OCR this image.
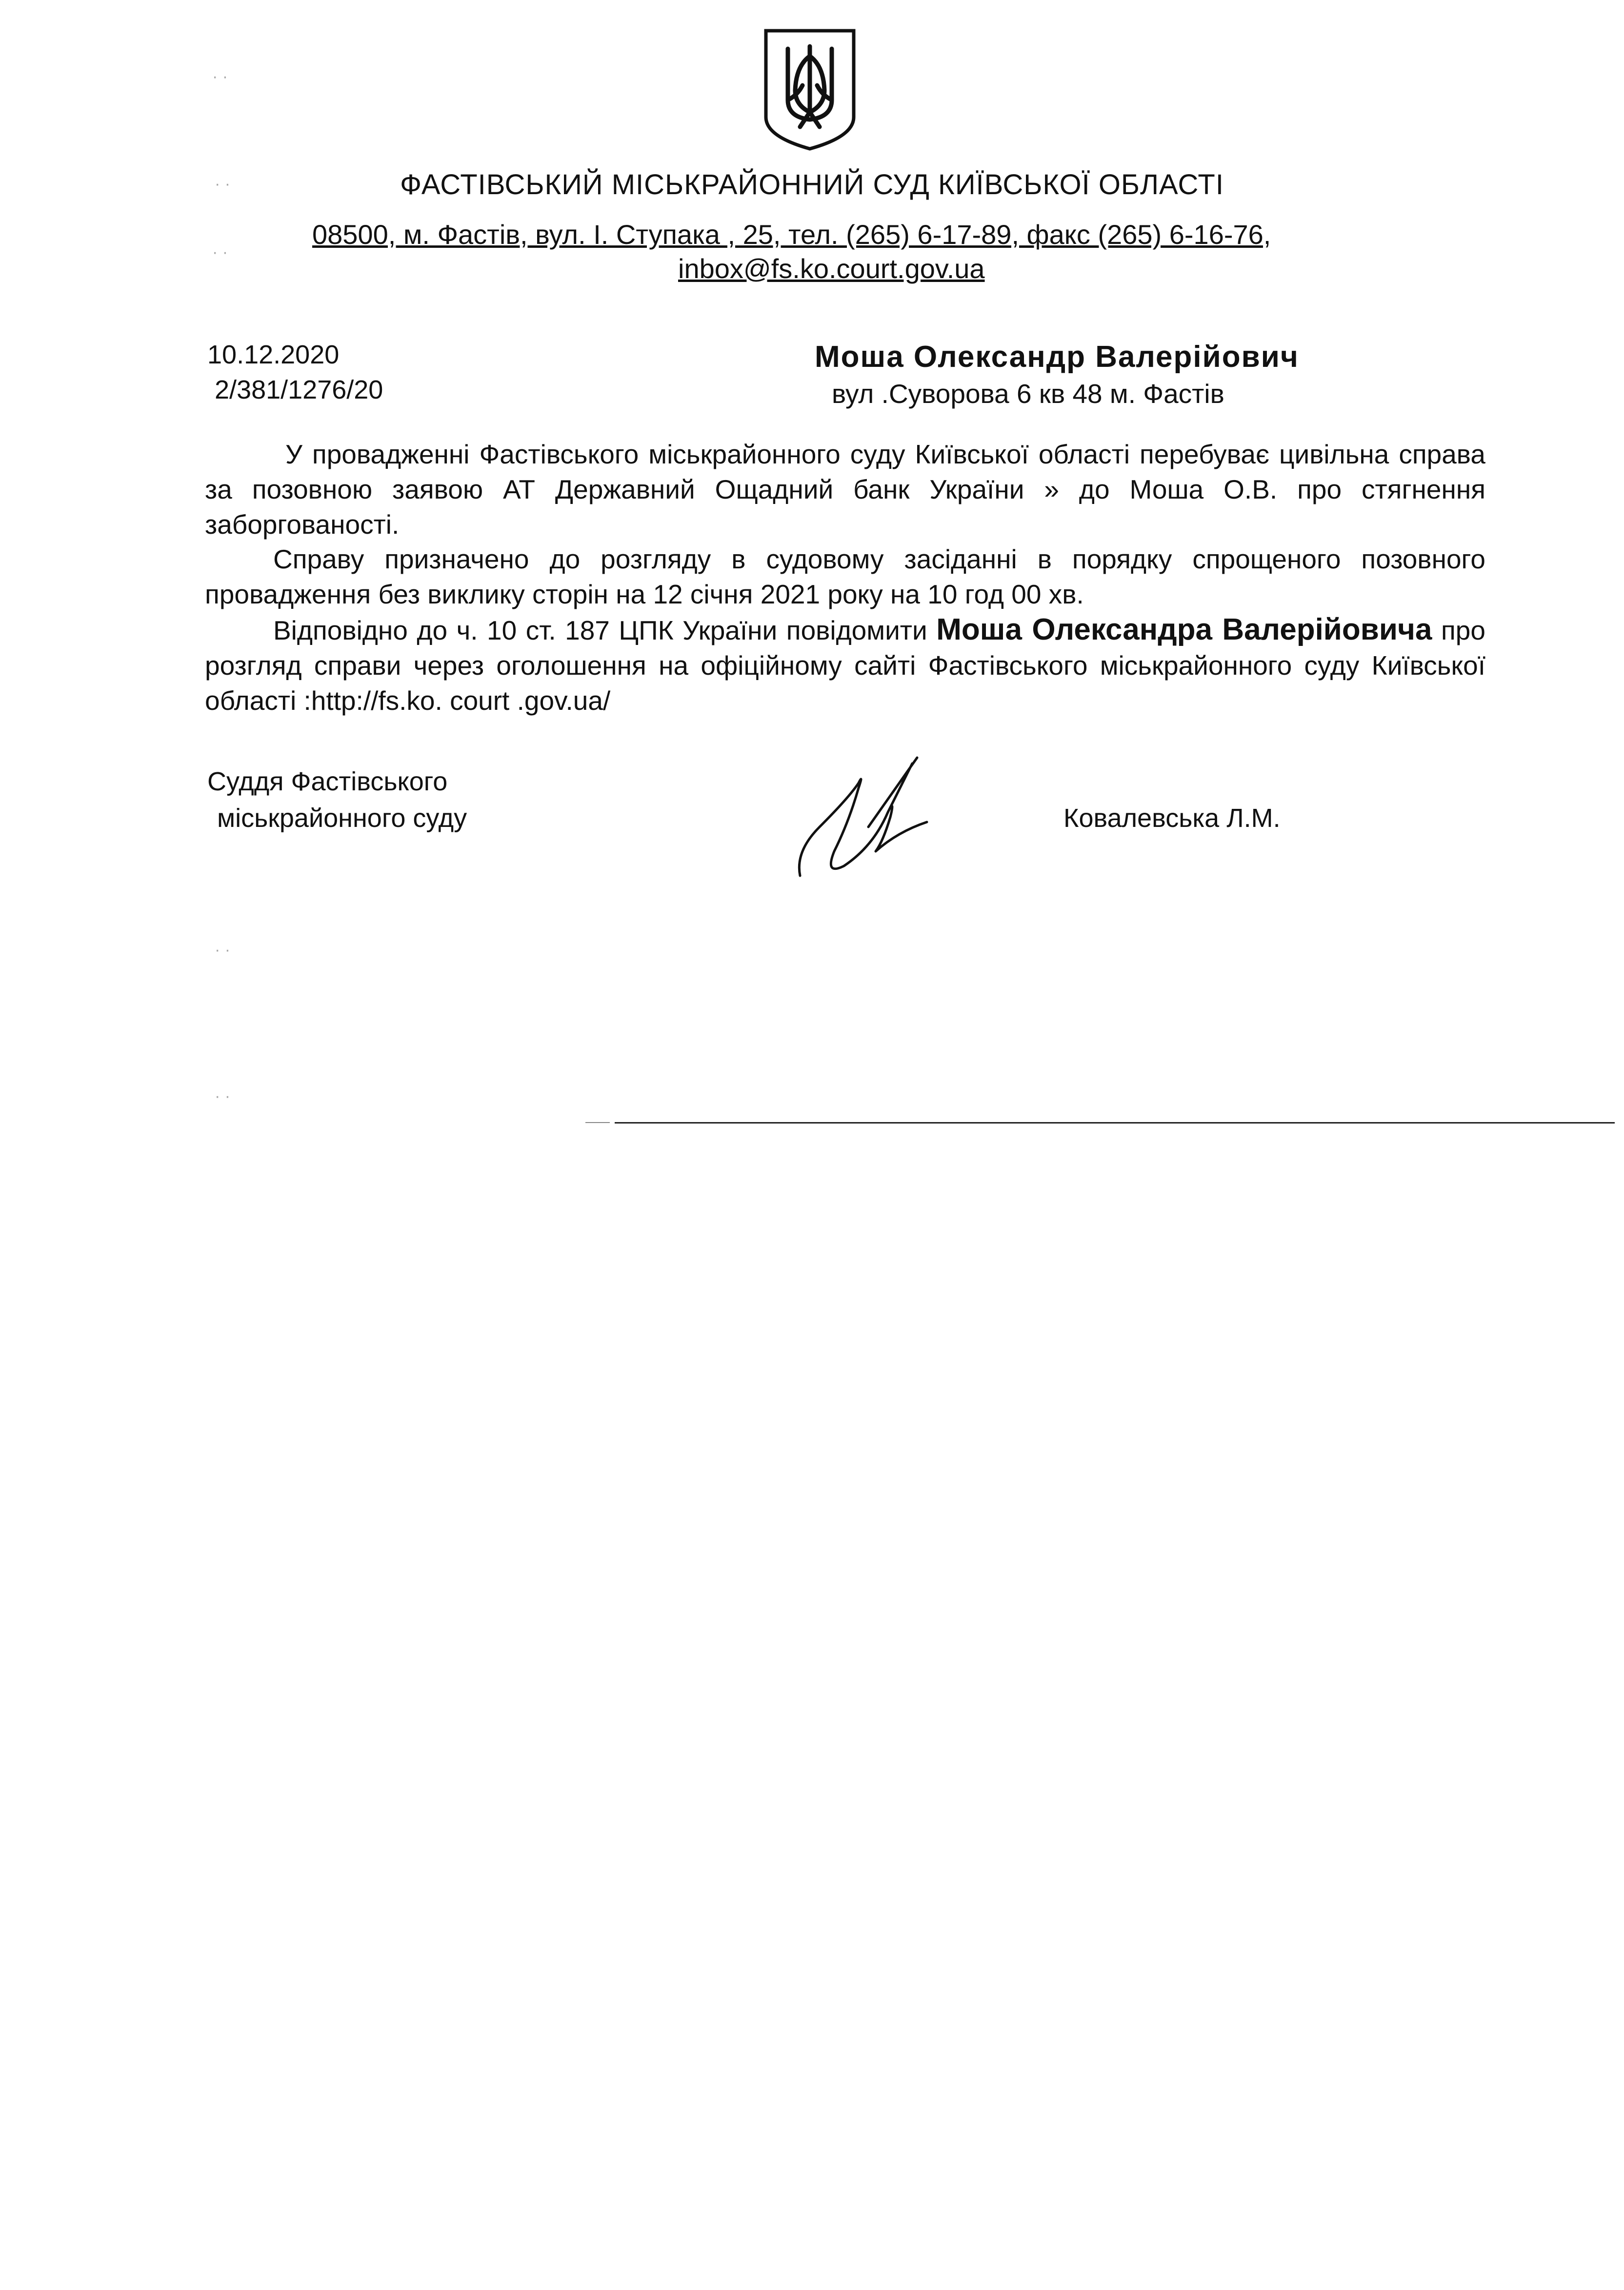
ФАСТІВСЬКИЙ МІСЬКРАЙОННИЙ СУД КИЇВСЬКОЇ ОБЛАСТІ
08500, м. Фастів, вул. І. Ступака , 25, тел. (265) 6-17-89, факс (265) 6-16-76,
inbox@fs.ko.court.gov.ua
10.12.2020
2/381/1276/20
Моша Олександр Валерійович
вул .Суворова 6 кв 48 м. Фастів
У провадженні Фастівського міськрайонного суду Київської області перебуває цивільна справа за позовною заявою АТ Державний Ощадний банк України » до Моша О.В. про стягнення заборгованості.
Справу призначено до розгляду в судовому засіданні в порядку спрощеного позовного провадження без виклику сторін на 12 січня 2021 року на 10 год 00 хв.
Відповідно до ч. 10 ст. 187 ЦПК України повідомити Моша Олександра Валерійовича про розгляд справи через оголошення на офіційному сайті Фастівського міськрайонного суду Київської області :http://fs.ko. court .gov.ua/
Суддя Фастівського
міськрайонного суду	Ковалевська Л.М.
· ·
· ·
· ·
· ·
· ·
